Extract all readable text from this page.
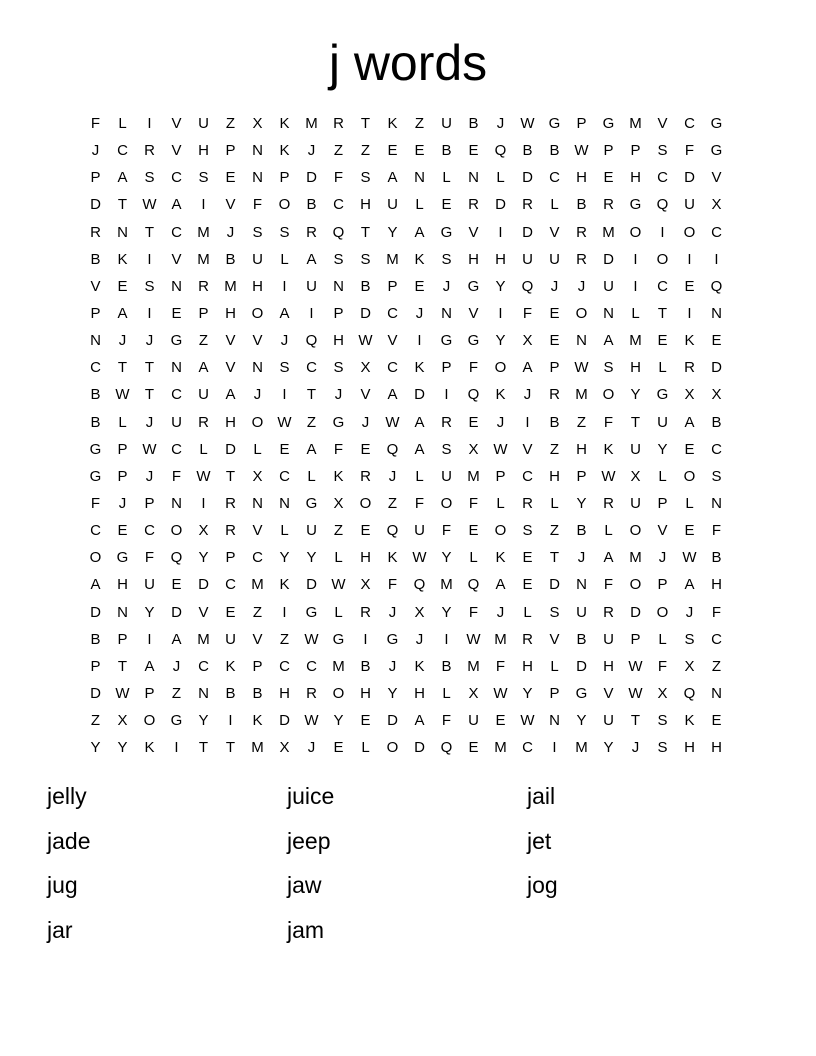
j words
F	L	I	V	U	Z	X	K	M	R	T	K	Z	U	B	J	W G	P	G M	V	C	G
J	C	R	V	H	P	N	K	J	Z	Z	E	E	B	E	Q	B	B W P	P	S	F	G
P	A	S	C	S	E	N	P	D	F	S	A	N	L	N	L	D	C	H	E	H	C	D	V
D	T	W A	I	V	F	O	B	C	H	U	L	E	R	D	R	L	B	R	G	Q	U	X
R	N	T	C	M	J	S	S	R	Q	T	Y	A	G	V	I	D	V	R	M O	I	O	C
B	K	I	V	M	B	U	L	A	S	S	M	K	S	H	H	U	U	R	D	I	O	I	I
V	E	S	N	R	M	H	I	U	N	B	P	E	J	G	Y	Q	J	J	U	I	C	E	Q
P	A	I	E	P	H	O	A	I	P	D	C	J	N	V	I	F	E	O	N	L	T	I	N
N	J	J	G	Z	V	V	J	Q	H W V	I	G	G	Y	X	E	N	A	M	E	K	E
C	T	T	N	A	V	N	S	C	S	X	C	K	P	F	O	A	P W S	H	L	R	D
B W	T	C	U	A	J	I	T	J	V	A	D	I	Q	K	J	R	M O	Y	G	X	X
B	L	J	U	R	H	O W	Z	G	J	W A	R	E	J	I	B	Z	F	T	U	A	B
G	P W C	L	D	L	E	A	F	E	Q	A	S	X W V	Z	H	K	U	Y	E	C
G	P	J	F	W	T	X	C	L	K	R	J	L	U	M	P	C	H	P W X	L	O	S
F	J	P	N	I	R	N	N	G	X	O	Z	F	O	F	L	R	L	Y	R	U	P	L	N
C	E	C	O	X	R	V	L	U	Z	E	Q	U	F	E	O	S	Z	B	L	O	V	E	F
O	G	F	Q	Y	P	C	Y	Y	L	H	K W Y	L	K	E	T	J	A	M	J	W B
A	H	U	E	D	C	M	K	D W X	F	Q M Q	A	E	D	N	F	O	P	A	H
D	N	Y	D	V	E	Z	I	G	L	R	J	X	Y	F	J	L	S	U	R	D	O	J	F
B	P	I	A	M	U	V	Z	W G	I	G	J	I	W M	R	V	B	U	P	L	S	C
P	T	A	J	C	K	P	C	C	M	B	J	K	B	M	F	H	L	D	H W	F	X	Z
D W P	Z	N	B	B	H	R	O	H	Y	H	L	X W Y	P	G	V W X	Q	N
Z	X	O	G	Y	I	K	D W Y	E	D	A	F	U	E W N	Y	U	T	S	K	E
Y	Y	K	I	T	T	M	X	J	E	L	O	D	Q	E	M	C	I	M	Y	J	S	H	H
jelly	juice	jail
jade	jeep	jet
jug	jaw	jog
jar	jam
